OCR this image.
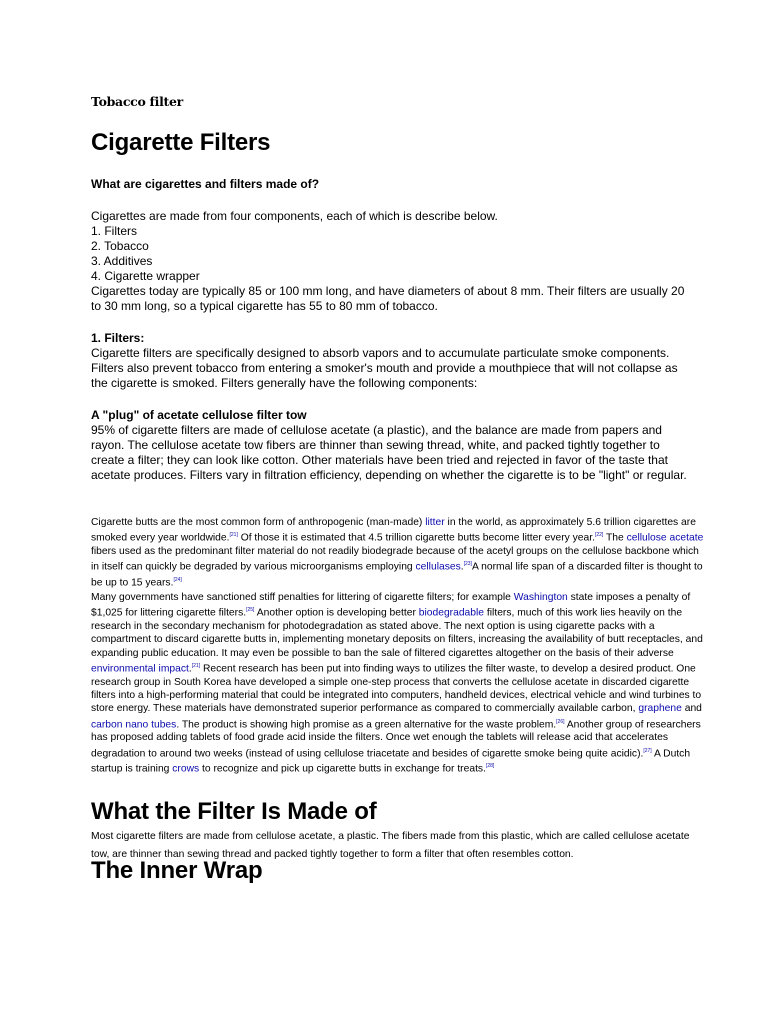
Tobacco filter
Cigarette Filters
What are cigarettes and filters made of?

Cigarettes are made from four components, each of which is describe below.

1. Filters
2. Tobacco
3. Additives
4. Cigarette wrapper

Cigarettes today are typically 85 or 100 mm long, and have diameters of about 8 mm. Their filters are usually 20 to 30 mm long, so a typical cigarette has 55 to 80 mm of tobacco.

1. Filters:

Cigarette filters are specifically designed to absorb vapors and to accumulate particulate smoke components. Filters also prevent tobacco from entering a smoker's mouth and provide a mouthpiece that will not collapse as the cigarette is smoked. Filters generally have the following components:

A "plug" of acetate cellulose filter tow

95% of cigarette filters are made of cellulose acetate (a plastic), and the balance are made from papers and rayon. The cellulose acetate tow fibers are thinner than sewing thread, white, and packed tightly together to create a filter; they can look like cotton. Other materials have been tried and rejected in favor of the taste that acetate produces. Filters vary in filtration efficiency, depending on whether the cigarette is to be "light" or regular.

Cigarette butts are the most common form of anthropogenic (man-made) litter in the world, as approximately 5.6 trillion cigarettes are smoked every year worldwide.[21] Of those it is estimated that 4.5 trillion cigarette butts become litter every year.[22] The cellulose acetate fibers used as the predominant filter material do not readily biodegrade because of the acetyl groups on the cellulose backbone which in itself can quickly be degraded by various microorganisms employing cellulases.[23]A normal life span of a discarded filter is thought to be up to 15 years.[24]

Many governments have sanctioned stiff penalties for littering of cigarette filters; for example Washington state imposes a penalty of $1,025 for littering cigarette filters.[25] Another option is developing better biodegradable filters, much of this work lies heavily on the research in the secondary mechanism for photodegradation as stated above. The next option is using cigarette packs with a compartment to discard cigarette butts in, implementing monetary deposits on filters, increasing the availability of butt receptacles, and expanding public education. It may even be possible to ban the sale of filtered cigarettes altogether on the basis of their adverse environmental impact.[21] Recent research has been put into finding ways to utilizes the filter waste, to develop a desired product. One research group in South Korea have developed a simple one-step process that converts the cellulose acetate in discarded cigarette filters into a high-performing material that could be integrated into computers, handheld devices, electrical vehicle and wind turbines to store energy. These materials have demonstrated superior performance as compared to commercially available carbon, graphene and carbon nano tubes. The product is showing high promise as a green alternative for the waste problem.[26] Another group of researchers has proposed adding tablets of food grade acid inside the filters. Once wet enough the tablets will release acid that accelerates degradation to around two weeks (instead of using cellulose triacetate and besides of cigarette smoke being quite acidic).[27] A Dutch startup is training crows to recognize and pick up cigarette butts in exchange for treats.[28]

What the Filter Is Made of

Most cigarette filters are made from cellulose acetate, a plastic. The fibers made from this plastic, which are called cellulose acetate tow, are thinner than sewing thread and packed tightly together to form a filter that often resembles cotton.

The Inner Wrap
